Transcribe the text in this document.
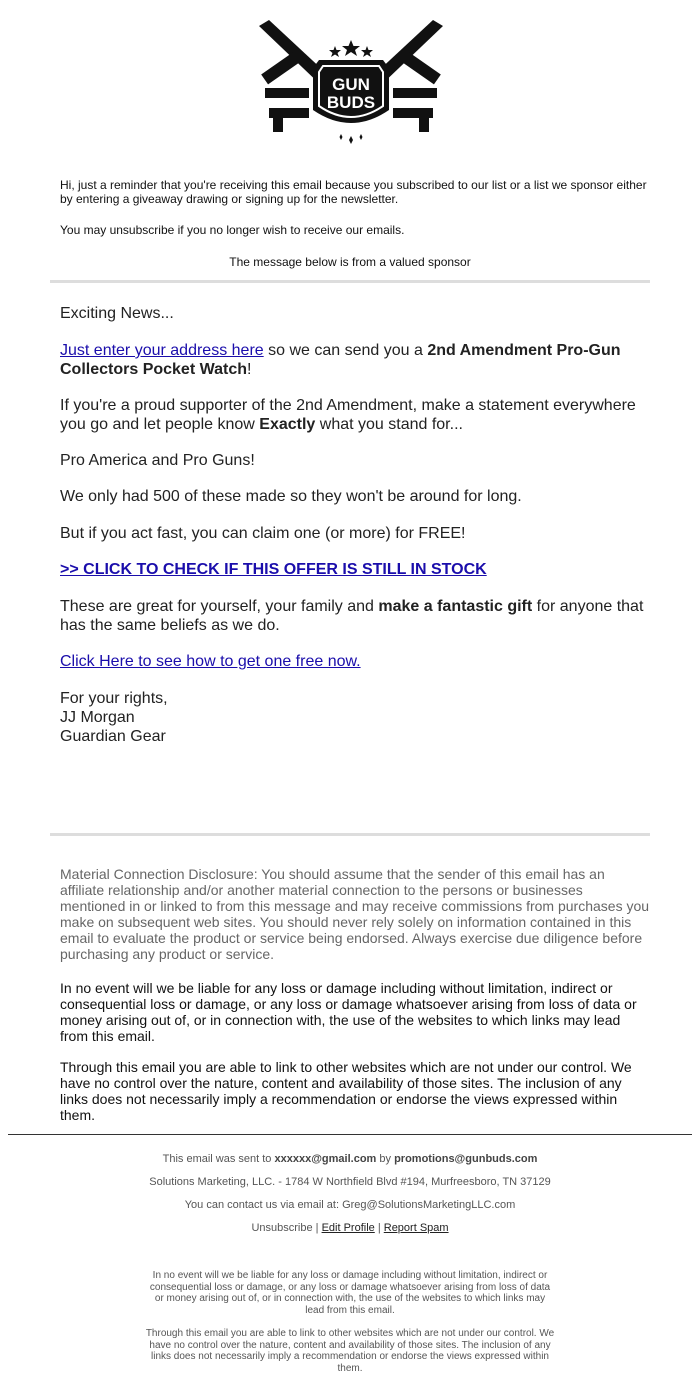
GUN
BUDS
Hi, just a reminder that you're receiving this email because you subscribed to our list or a list we sponsor either by entering a giveaway drawing or signing up for the newsletter.
You may unsubscribe if you no longer wish to receive our emails.
The message below is from a valued sponsor
Exciting News...
Just enter your address here so we can send you a 2nd Amendment Pro-Gun Collectors Pocket Watch!
If you're a proud supporter of the 2nd Amendment, make a statement everywhere you go and let people know Exactly what you stand for...
Pro America and Pro Guns!
We only had 500 of these made so they won't be around for long.
But if you act fast, you can claim one (or more) for FREE!
>> CLICK TO CHECK IF THIS OFFER IS STILL IN STOCK
These are great for yourself, your family and make a fantastic gift for anyone that has the same beliefs as we do.
Click Here to see how to get one free now.
For your rights,
JJ Morgan
Guardian Gear
Material Connection Disclosure: You should assume that the sender of this email has an affiliate relationship and/or another material connection to the persons or businesses mentioned in or linked to from this message and may receive commissions from purchases you make on subsequent web sites. You should never rely solely on information contained in this email to evaluate the product or service being endorsed. Always exercise due diligence before purchasing any product or service.
In no event will we be liable for any loss or damage including without limitation, indirect or consequential loss or damage, or any loss or damage whatsoever arising from loss of data or money arising out of, or in connection with, the use of the websites to which links may lead from this email.
Through this email you are able to link to other websites which are not under our control. We have no control over the nature, content and availability of those sites. The inclusion of any links does not necessarily imply a recommendation or endorse the views expressed within them.
This email was sent to xxxxxx@gmail.com by promotions@gunbuds.com
Solutions Marketing, LLC. - 1784 W Northfield Blvd #194, Murfreesboro, TN 37129
You can contact us via email at: Greg@SolutionsMarketingLLC.com
Unsubscribe | Edit Profile | Report Spam
In no event will we be liable for any loss or damage including without limitation, indirect or consequential loss or damage, or any loss or damage whatsoever arising from loss of data or money arising out of, or in connection with, the use of the websites to which links may lead from this email.
Through this email you are able to link to other websites which are not under our control. We have no control over the nature, content and availability of those sites. The inclusion of any links does not necessarily imply a recommendation or endorse the views expressed within them.
